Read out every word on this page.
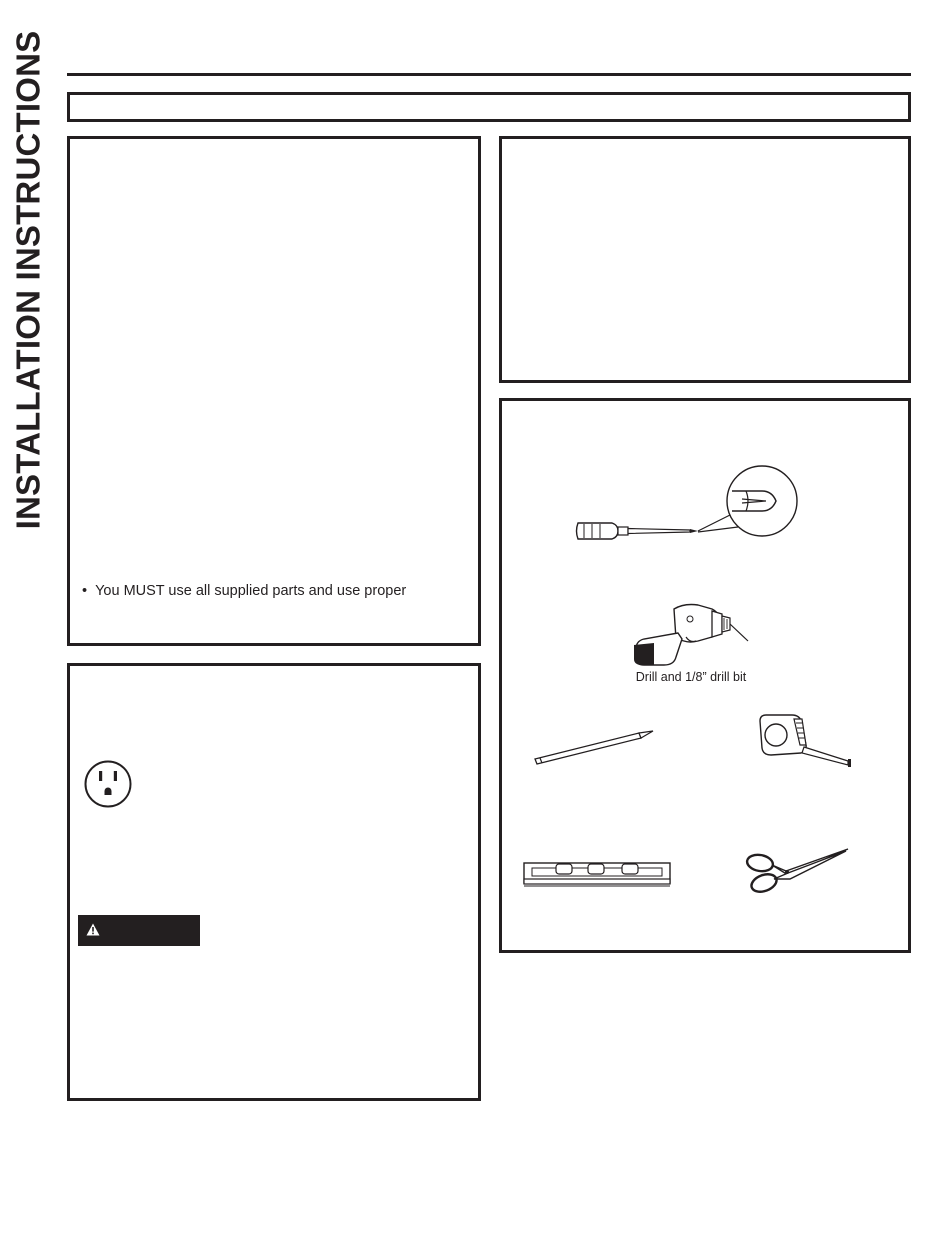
INSTALLATION INSTRUCTIONS
• You MUST use all supplied parts and use proper
Drill and 1/8” drill bit
